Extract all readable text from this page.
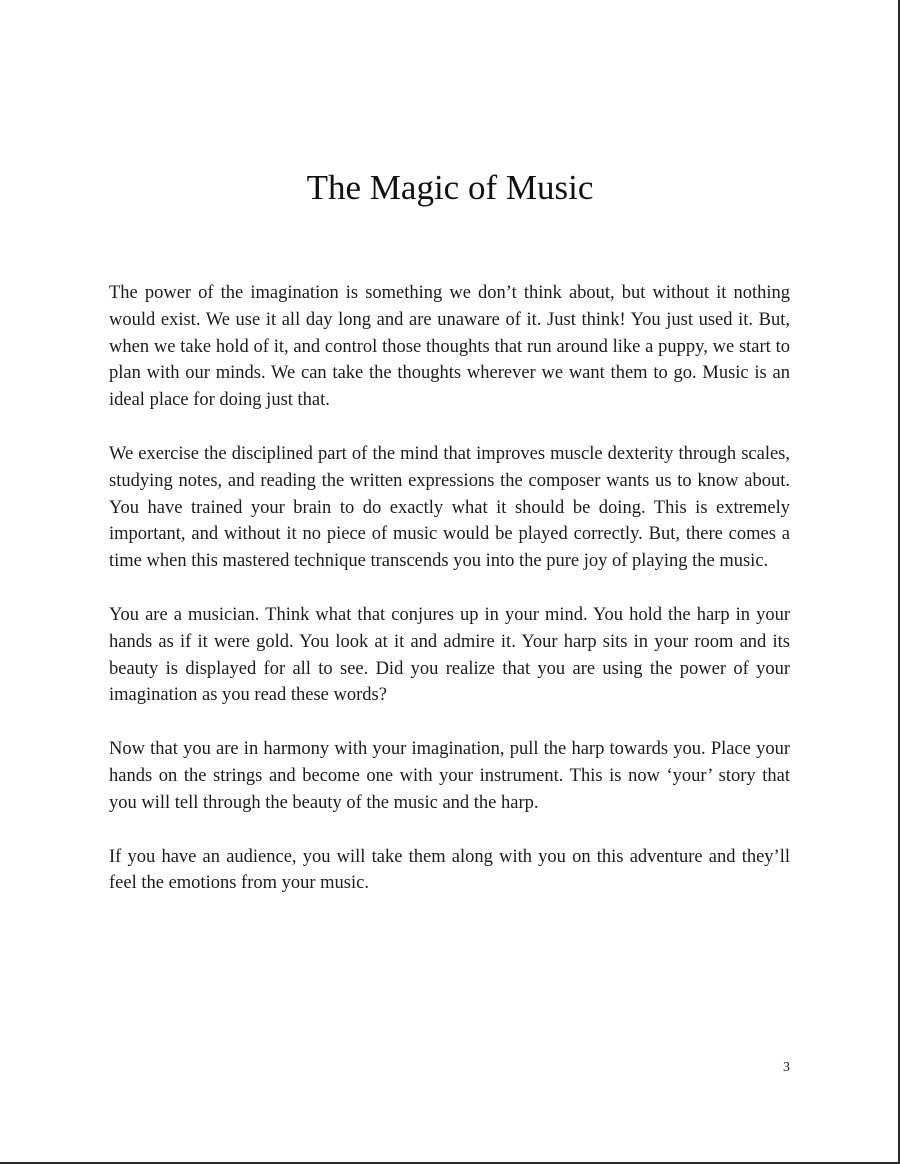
The Magic of Music

The power of the imagination is something we don’t think about, but without it nothing would exist. We use it all day long and are unaware of it. Just think! You just used it. But, when we take hold of it, and control those thoughts that run around like a puppy, we start to plan with our minds. We can take the thoughts wherever we want them to go. Music is an ideal place for doing just that.

We exercise the disciplined part of the mind that improves muscle dexterity through scales, studying notes, and reading the written expressions the composer wants us to know about. You have trained your brain to do exactly what it should be doing. This is extremely important, and without it no piece of music would be played correctly. But, there comes a time when this mastered technique transcends you into the pure joy of playing the music.

You are a musician. Think what that conjures up in your mind. You hold the harp in your hands as if it were gold. You look at it and admire it. Your harp sits in your room and its beauty is displayed for all to see. Did you realize that you are using the power of your imagination as you read these words?

Now that you are in harmony with your imagination, pull the harp towards you. Place your hands on the strings and become one with your instrument. This is now ‘your’ story that you will tell through the beauty of the music and the harp.

If you have an audience, you will take them along with you on this adventure and they’ll feel the emotions from your music.

3
